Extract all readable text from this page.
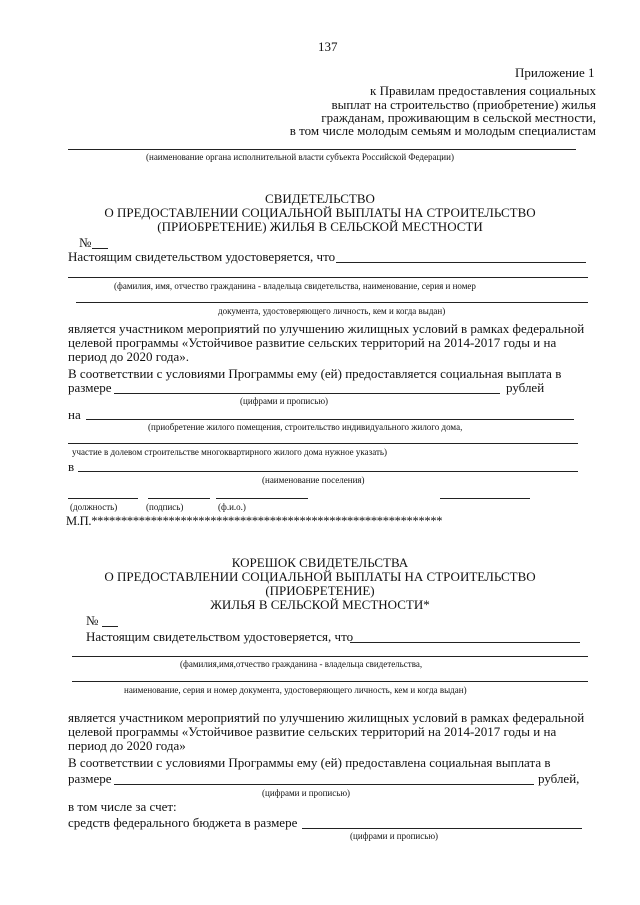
137
Приложение 1
к Правилам предоставления социальных
выплат на строительство (приобретение) жилья
гражданам, проживающим в сельской местности,
в том числе молодым семьям и молодым специалистам
(наименование органа исполнительной власти субъекта Российской Федерации)
СВИДЕТЕЛЬСТВО
О ПРЕДОСТАВЛЕНИИ СОЦИАЛЬНОЙ ВЫПЛАТЫ НА СТРОИТЕЛЬСТВО
(ПРИОБРЕТЕНИЕ) ЖИЛЬЯ В СЕЛЬСКОЙ МЕСТНОСТИ
№
Настоящим свидетельством удостоверяется, что
(фамилия, имя, отчество гражданина - владельца свидетельства, наименование, серия и номер
документа, удостоверяющего личность, кем и когда выдан)
является участником мероприятий по улучшению жилищных условий в рамках федеральной
целевой программы «Устойчивое развитие сельских территорий на 2014-2017 годы и на
период до 2020 года».
В соответствии с условиями Программы ему (ей) предоставляется социальная выплата в
размере	рублей
(цифрами и прописью)
на
(приобретение жилого помещения, строительство индивидуального жилого дома,
участие в долевом строительстве многоквартирного жилого дома нужное указать)
в
(наименование поселения)
(должность)	(подпись)	(ф.и.о.)
М.П.***********************************************************
КОРЕШОК СВИДЕТЕЛЬСТВА
О ПРЕДОСТАВЛЕНИИ СОЦИАЛЬНОЙ ВЫПЛАТЫ НА СТРОИТЕЛЬСТВО
(ПРИОБРЕТЕНИЕ)
ЖИЛЬЯ В СЕЛЬСКОЙ МЕСТНОСТИ*
№
Настоящим свидетельством удостоверяется, что
(фамилия,имя,отчество гражданина - владельца свидетельства,
наименование, серия и номер документа, удостоверяющего личность, кем и когда выдан)
является участником мероприятий по улучшению жилищных условий в рамках федеральной
целевой программы «Устойчивое развитие сельских территорий на 2014-2017 годы и на
период до 2020 года»
В соответствии с условиями Программы ему (ей) предоставлена социальная выплата в
размере	рублей,
(цифрами и прописью)
в том числе за счет:
средств федерального бюджета в размере
(цифрами и прописью)
